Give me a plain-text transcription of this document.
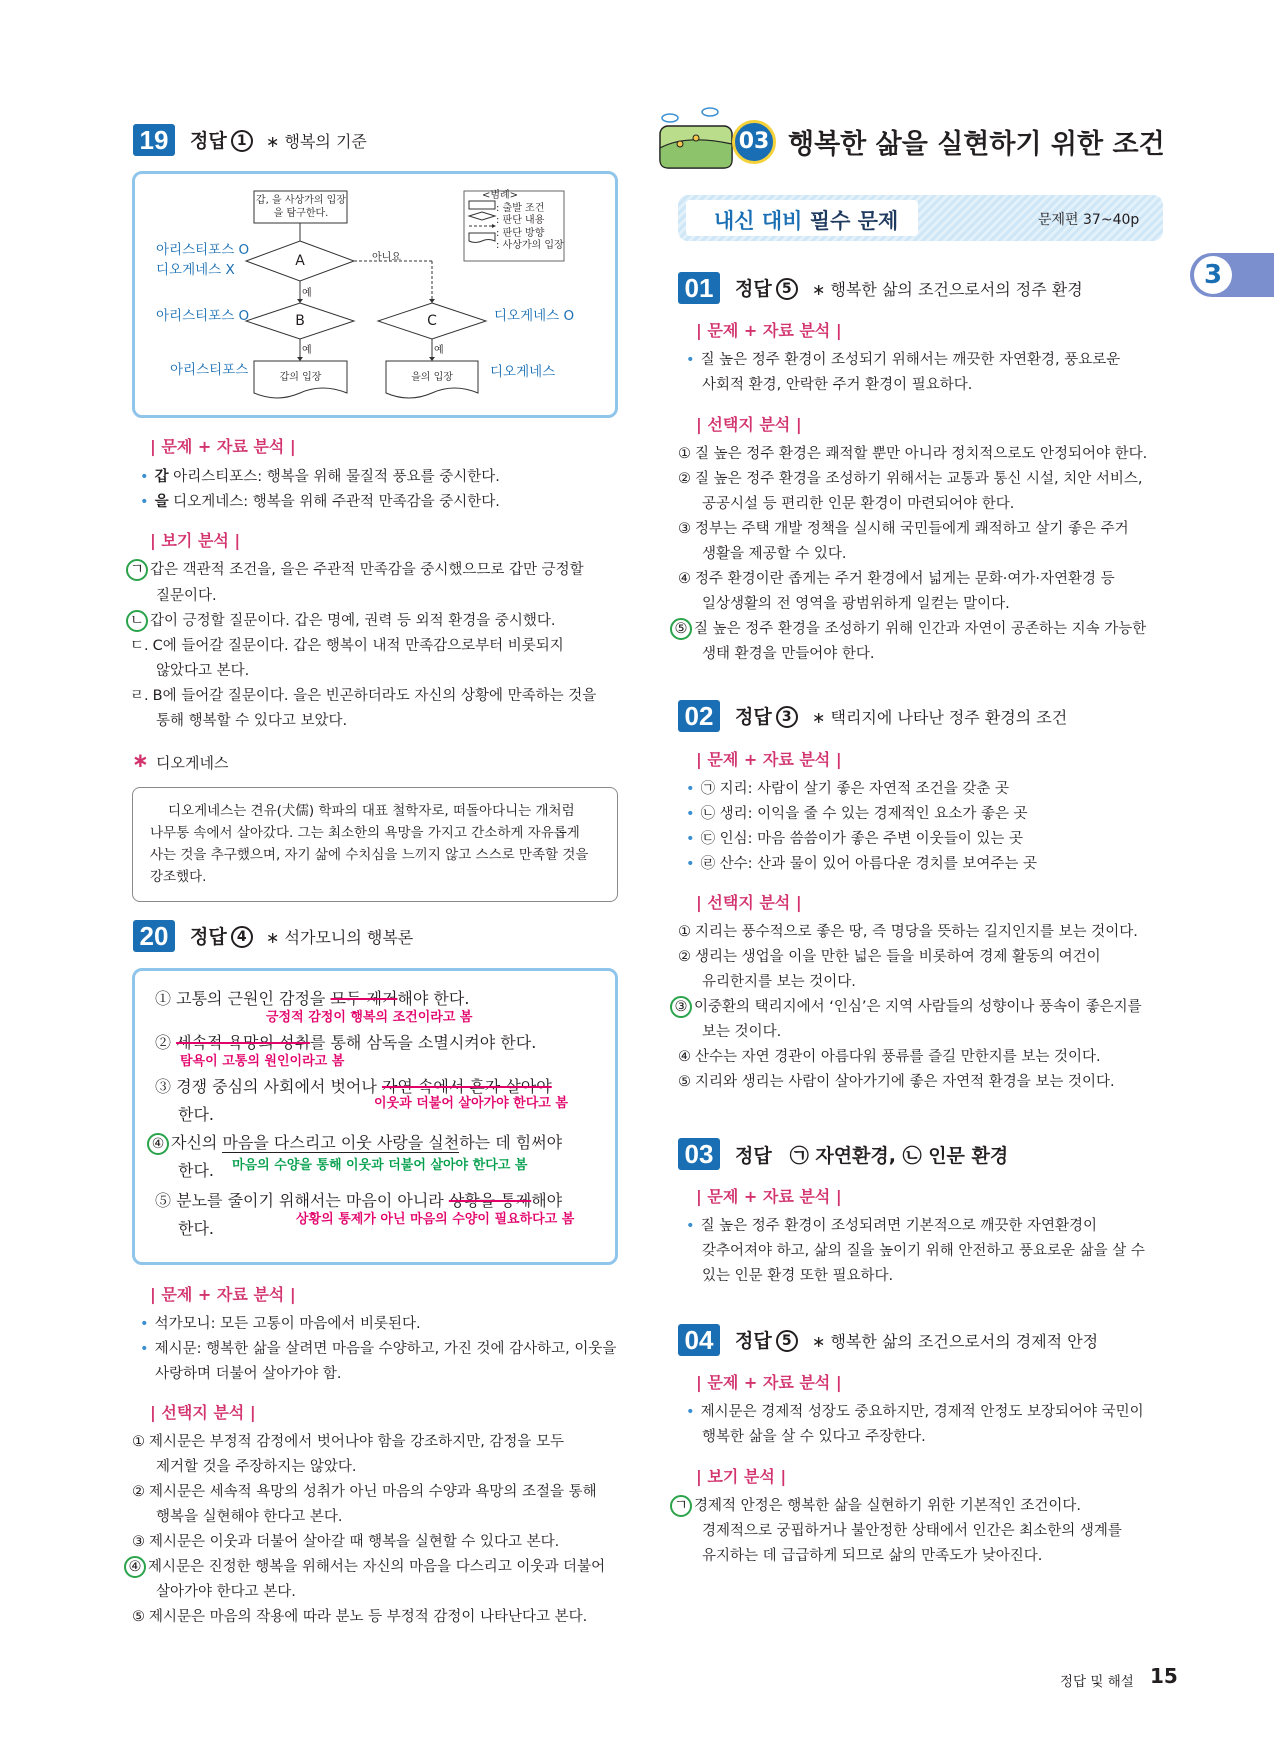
19	정답 1	∗ 행복의 기준
갑, 을 사상가의 입장을 탐구한다.
<범례>
: 출발 조건
: 판단 내용
: 판단 방향
: 사상가의 입장
A
예
아니요
B	C
예	예
갑의 입장	을의 입장
아리스티포스 O
디오게네스 X
아리스티포스 O	디오게네스 O
아리스티포스	디오게네스
| 문제 + 자료 분석 |
• 갑 아리스티포스: 행복을 위해 물질적 풍요를 중시한다.
• 을 디오게네스: 행복을 위해 주관적 만족감을 중시한다.
| 보기 분석 |
ㄱ 갑은 객관적 조건을, 을은 주관적 만족감을 중시했으므로 갑만 긍정할
질문이다.
ㄴ 갑이 긍정할 질문이다. 갑은 명예, 권력 등 외적 환경을 중시했다.
ㄷ. C에 들어갈 질문이다. 갑은 행복이 내적 만족감으로부터 비롯되지
않았다고 본다.
ㄹ. B에 들어갈 질문이다. 을은 빈곤하더라도 자신의 상황에 만족하는 것을
통해 행복할 수 있다고 보았다.
∗ 디오게네스
디오게네스는 견유(犬儒) 학파의 대표 철학자로, 떠돌아다니는 개처럼
나무통 속에서 살아갔다. 그는 최소한의 욕망을 가지고 간소하게 자유롭게
사는 것을 추구했으며, 자기 삶에 수치심을 느끼지 않고 스스로 만족할 것을
강조했다.
20	정답 4	∗ 석가모니의 행복론
① 고통의 근원인 감정을 모두 제거해야 한다.
긍정적 감정이 행복의 조건이라고 봄
② 세속적 욕망의 성취를 통해 삼독을 소멸시켜야 한다.
탐욕이 고통의 원인이라고 봄
③ 경쟁 중심의 사회에서 벗어나 자연 속에서 혼자 살아야
이웃과 더불어 살아가야 한다고 봄
한다.
④ 자신의 마음을 다스리고 이웃 사랑을 실천하는 데 힘써야
한다. 마음의 수양을 통해 이웃과 더불어 살아야 한다고 봄
⑤ 분노를 줄이기 위해서는 마음이 아니라 상황을 통제해야
상황의 통제가 아닌 마음의 수양이 필요하다고 봄
한다.
| 문제 + 자료 분석 |
• 석가모니: 모든 고통이 마음에서 비롯된다.
• 제시문: 행복한 삶을 살려면 마음을 수양하고, 가진 것에 감사하고, 이웃을
사랑하며 더불어 살아가야 함.
| 선택지 분석 |
① 제시문은 부정적 감정에서 벗어나야 함을 강조하지만, 감정을 모두
제거할 것을 주장하지는 않았다.
② 제시문은 세속적 욕망의 성취가 아닌 마음의 수양과 욕망의 조절을 통해
행복을 실현해야 한다고 본다.
③ 제시문은 이웃과 더불어 살아갈 때 행복을 실현할 수 있다고 본다.
④ 제시문은 진정한 행복을 위해서는 자신의 마음을 다스리고 이웃과 더불어
살아가야 한다고 본다.
⑤ 제시문은 마음의 작용에 따라 분노 등 부정적 감정이 나타난다고 본다.
03 행복한 삶을 실현하기 위한 조건
내신 대비 필수 문제	문제편 37~40p
3
01	정답 5	∗ 행복한 삶의 조건으로서의 정주 환경
| 문제 + 자료 분석 |
• 질 높은 정주 환경이 조성되기 위해서는 깨끗한 자연환경, 풍요로운
사회적 환경, 안락한 주거 환경이 필요하다.
| 선택지 분석 |
① 질 높은 정주 환경은 쾌적할 뿐만 아니라 정치적으로도 안정되어야 한다.
② 질 높은 정주 환경을 조성하기 위해서는 교통과 통신 시설, 치안 서비스,
공공시설 등 편리한 인문 환경이 마련되어야 한다.
③ 정부는 주택 개발 정책을 실시해 국민들에게 쾌적하고 살기 좋은 주거
생활을 제공할 수 있다.
④ 정주 환경이란 좁게는 주거 환경에서 넓게는 문화·여가·자연환경 등
일상생활의 전 영역을 광범위하게 일컫는 말이다.
⑤ 질 높은 정주 환경을 조성하기 위해 인간과 자연이 공존하는 지속 가능한
생태 환경을 만들어야 한다.
02	정답 3	∗ 택리지에 나타난 정주 환경의 조건
| 문제 + 자료 분석 |
• ㉠ 지리: 사람이 살기 좋은 자연적 조건을 갖춘 곳
• ㉡ 생리: 이익을 줄 수 있는 경제적인 요소가 좋은 곳
• ㉢ 인심: 마음 씀씀이가 좋은 주변 이웃들이 있는 곳
• ㉣ 산수: 산과 물이 있어 아름다운 경치를 보여주는 곳
| 선택지 분석 |
① 지리는 풍수적으로 좋은 땅, 즉 명당을 뜻하는 길지인지를 보는 것이다.
② 생리는 생업을 이을 만한 넓은 들을 비롯하여 경제 활동의 여건이
유리한지를 보는 것이다.
③ 이중환의 택리지에서 ‘인심’은 지역 사람들의 성향이나 풍속이 좋은지를
보는 것이다.
④ 산수는 자연 경관이 아름다워 풍류를 즐길 만한지를 보는 것이다.
⑤ 지리와 생리는 사람이 살아가기에 좋은 자연적 환경을 보는 것이다.
03	정답 ㉠ 자연환경, ㉡ 인문 환경
| 문제 + 자료 분석 |
• 질 높은 정주 환경이 조성되려면 기본적으로 깨끗한 자연환경이
갖추어져야 하고, 삶의 질을 높이기 위해 안전하고 풍요로운 삶을 살 수
있는 인문 환경 또한 필요하다.
04	정답 5	∗ 행복한 삶의 조건으로서의 경제적 안정
| 문제 + 자료 분석 |
• 제시문은 경제적 성장도 중요하지만, 경제적 안정도 보장되어야 국민이
행복한 삶을 살 수 있다고 주장한다.
| 보기 분석 |
ㄱ 경제적 안정은 행복한 삶을 실현하기 위한 기본적인 조건이다.
경제적으로 궁핍하거나 불안정한 상태에서 인간은 최소한의 생계를
유지하는 데 급급하게 되므로 삶의 만족도가 낮아진다.
정답 및 해설 15
